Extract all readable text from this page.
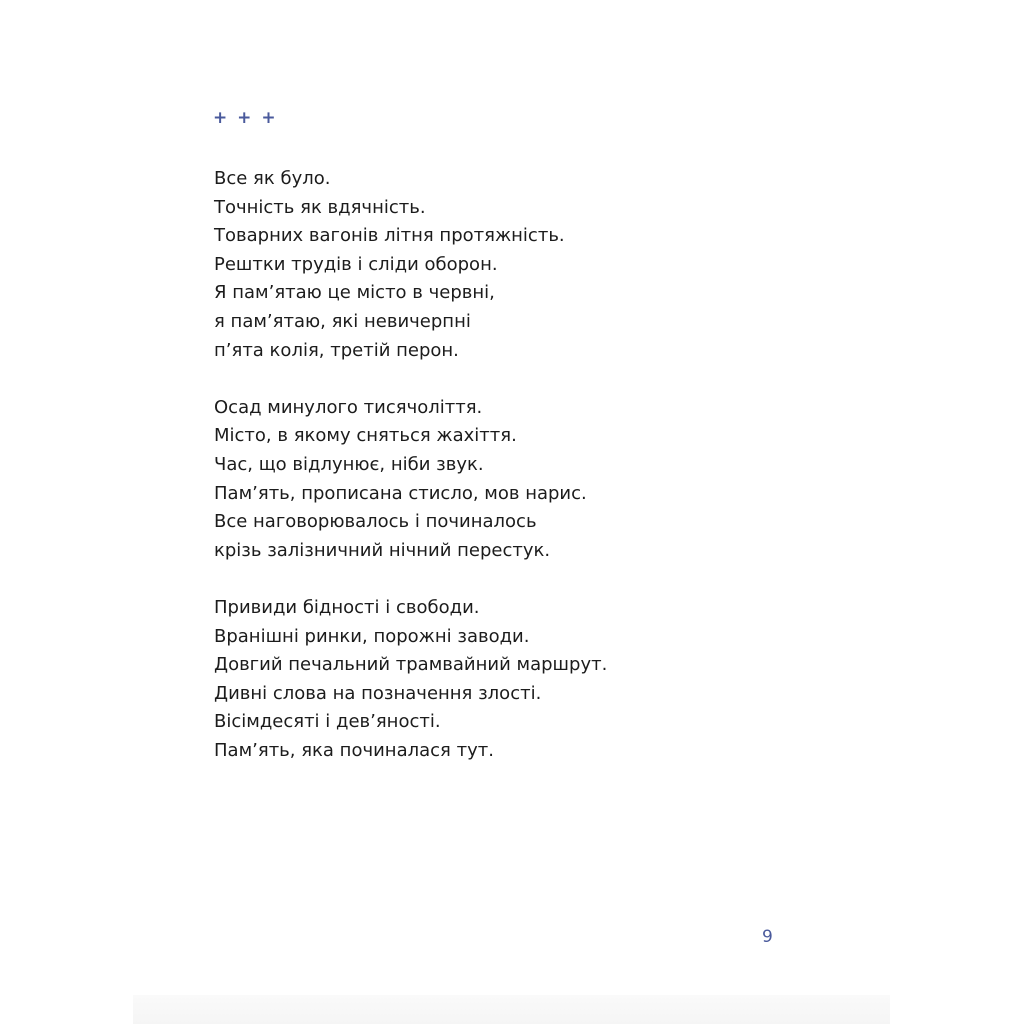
+ + +
Все як було.
Точність як вдячність.
Товарних вагонів літня протяжність.
Рештки трудів і сліди оборон.
Я пам’ятаю це місто в червні,
я пам’ятаю, які невичерпні
п’ята колія, третій перон.
Осад минулого тисячоліття.
Місто, в якому сняться жахіття.
Час, що відлунює, ніби звук.
Пам’ять, прописана стисло, мов нарис.
Все наговорювалось і починалось
крізь залізничний нічний перестук.
Привиди бідності і свободи.
Вранішні ринки, порожні заводи.
Довгий печальний трамвайний маршрут.
Дивні слова на позначення злості.
Вісімдесяті і дев’яності.
Пам’ять, яка починалася тут.
9
